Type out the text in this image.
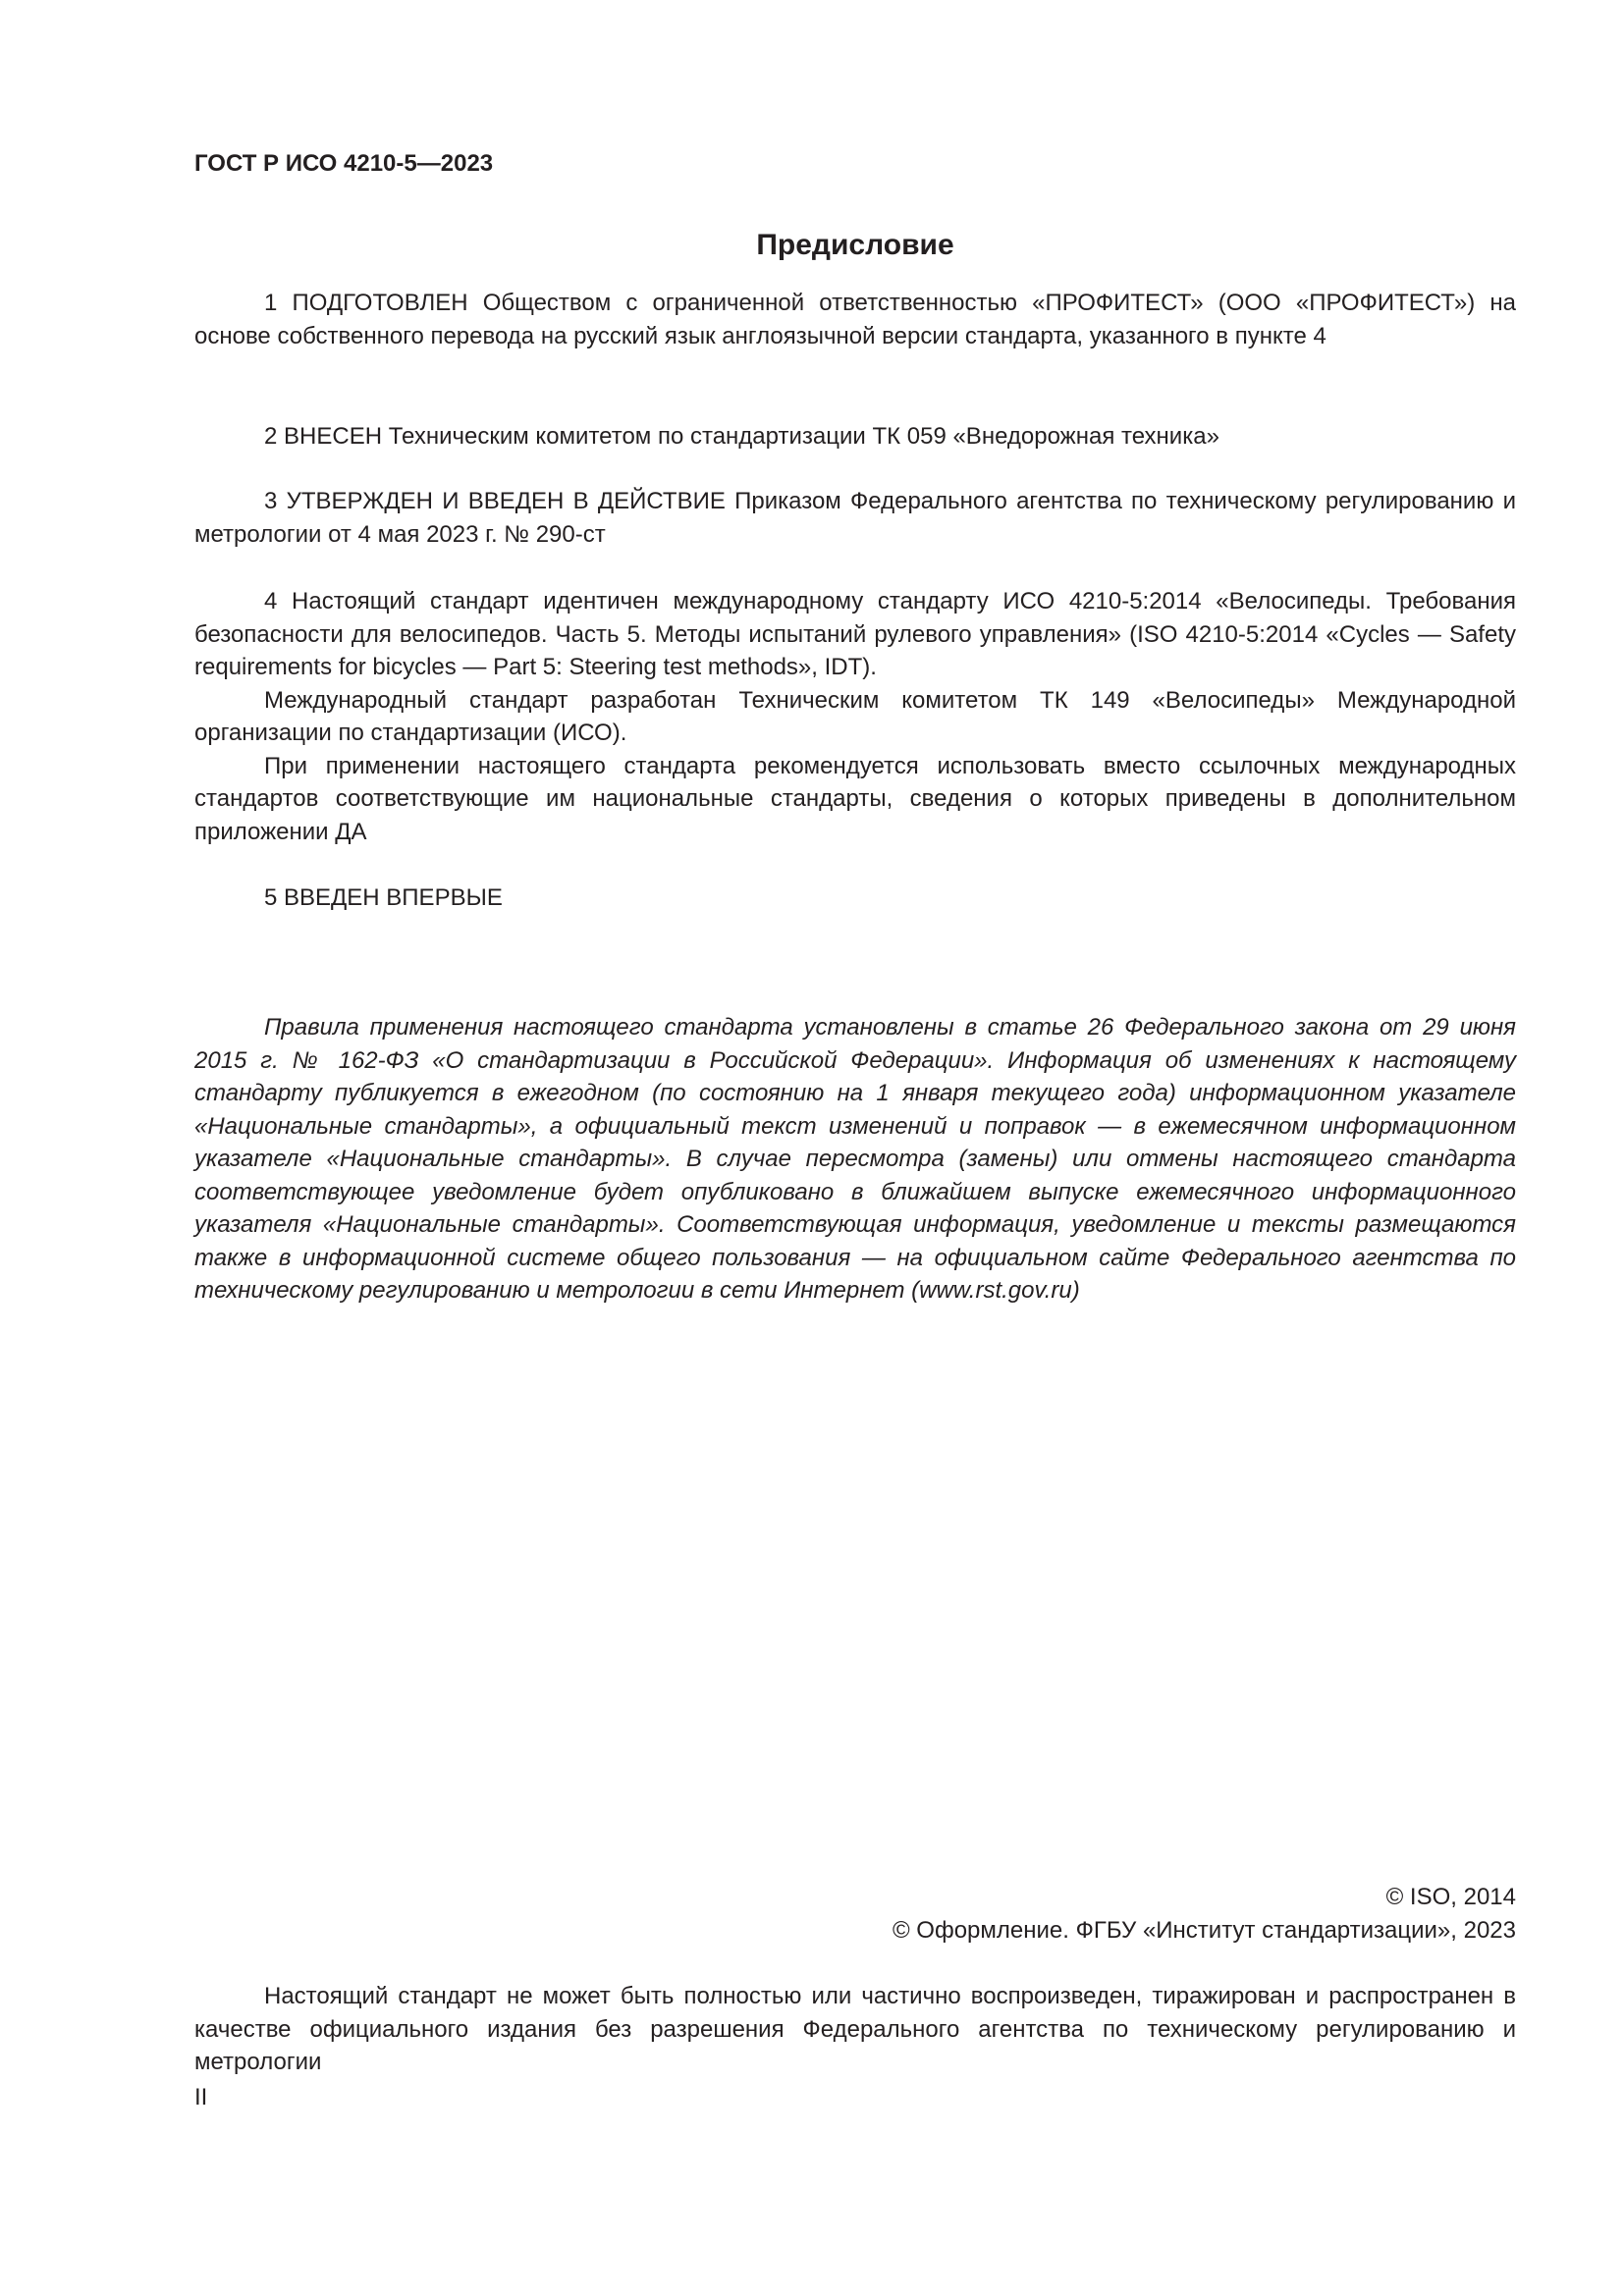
ГОСТ Р ИСО 4210-5—2023
Предисловие

1 ПОДГОТОВЛЕН Обществом с ограниченной ответственностью «ПРОФИТЕСТ» (ООО «ПРОФИТЕСТ») на основе собственного перевода на русский язык англоязычной версии стандарта, указанного в пункте 4

2 ВНЕСЕН Техническим комитетом по стандартизации ТК 059 «Внедорожная техника»

3 УТВЕРЖДЕН И ВВЕДЕН В ДЕЙСТВИЕ Приказом Федерального агентства по техническому регулированию и метрологии от 4 мая 2023 г. № 290-ст

4 Настоящий стандарт идентичен международному стандарту ИСО 4210-5:2014 «Велосипеды. Требования безопасности для велосипедов. Часть 5. Методы испытаний рулевого управления» (ISO 4210-5:2014 «Cycles — Safety requirements for bicycles — Part 5: Steering test methods», IDT).

Международный стандарт разработан Техническим комитетом ТК 149 «Велосипеды» Международной организации по стандартизации (ИСО).

При применении настоящего стандарта рекомендуется использовать вместо ссылочных международных стандартов соответствующие им национальные стандарты, сведения о которых приведены в дополнительном приложении ДА

5 ВВЕДЕН ВПЕРВЫЕ

Правила применения настоящего стандарта установлены в статье 26 Федерального закона от 29 июня 2015 г. № 162-ФЗ «О стандартизации в Российской Федерации». Информация об изменениях к настоящему стандарту публикуется в ежегодном (по состоянию на 1 января текущего года) информационном указателе «Национальные стандарты», а официальный текст изменений и поправок — в ежемесячном информационном указателе «Национальные стандарты». В случае пересмотра (замены) или отмены настоящего стандарта соответствующее уведомление будет опубликовано в ближайшем выпуске ежемесячного информационного указателя «Национальные стандарты». Соответствующая информация, уведомление и тексты размещаются также в информационной системе общего пользования — на официальном сайте Федерального агентства по техническому регулированию и метрологии в сети Интернет (www.rst.gov.ru)

© ISO, 2014
© Оформление. ФГБУ «Институт стандартизации», 2023

Настоящий стандарт не может быть полностью или частично воспроизведен, тиражирован и распространен в качестве официального издания без разрешения Федерального агентства по техническому регулированию и метрологии

II
